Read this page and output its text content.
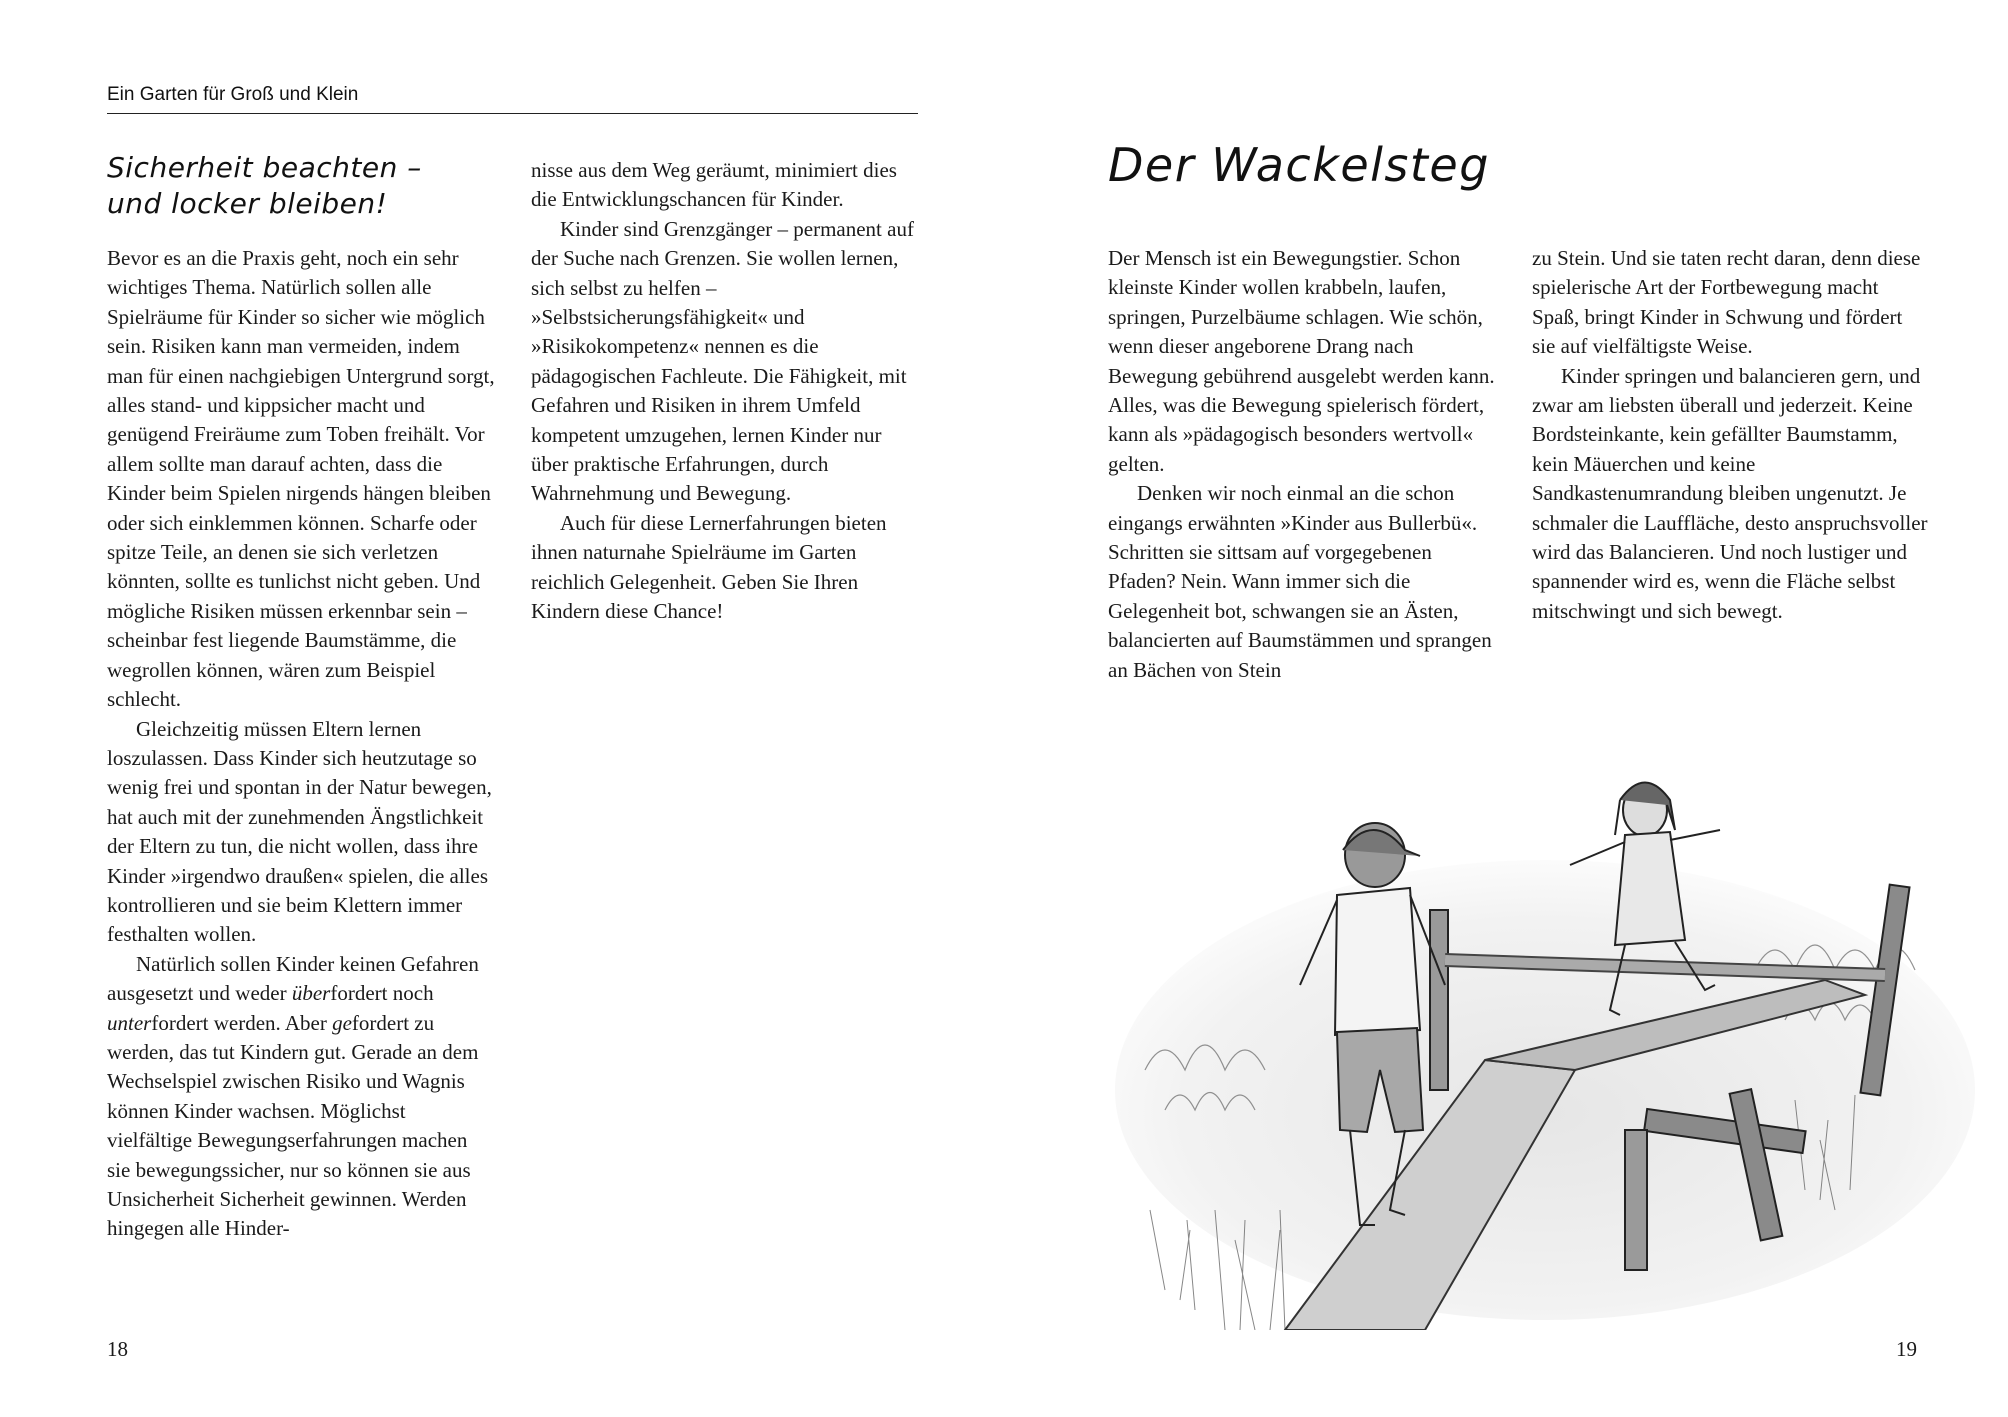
Ein Garten für Groß und Klein
Sicherheit beachten –
und locker bleiben!

Bevor es an die Praxis geht, noch ein sehr wichtiges Thema. Natürlich sollen alle Spielräume für Kinder so sicher wie möglich sein. Risiken kann man vermeiden, indem man für einen nachgiebigen Untergrund sorgt, alles stand- und kippsicher macht und genügend Freiräume zum Toben freihält. Vor allem sollte man darauf achten, dass die Kinder beim Spielen nirgends hängen bleiben oder sich einklemmen können. Scharfe oder spitze Teile, an denen sie sich verletzen könnten, sollte es tunlichst nicht geben. Und mögliche Risiken müssen erkennbar sein – scheinbar fest liegende Baumstämme, die wegrollen können, wären zum Beispiel schlecht.

Gleichzeitig müssen Eltern lernen loszulassen. Dass Kinder sich heutzutage so wenig frei und spontan in der Natur bewegen, hat auch mit der zunehmenden Ängstlichkeit der Eltern zu tun, die nicht wollen, dass ihre Kinder »irgendwo draußen« spielen, die alles kontrollieren und sie beim Klettern immer festhalten wollen.

Natürlich sollen Kinder keinen Gefahren ausgesetzt und weder überfordert noch unterfordert werden. Aber gefordert zu werden, das tut Kindern gut. Gerade an dem Wechselspiel zwischen Risiko und Wagnis können Kinder wachsen. Möglichst vielfältige Bewegungserfahrungen machen sie bewegungssicher, nur so können sie aus Unsicherheit Sicherheit gewinnen. Werden hingegen alle Hinder-

nisse aus dem Weg geräumt, minimiert dies die Entwicklungschancen für Kinder.

Kinder sind Grenzgänger – permanent auf der Suche nach Grenzen. Sie wollen lernen, sich selbst zu helfen – »Selbstsicherungsfähigkeit« und »Risikokompetenz« nennen es die pädagogischen Fachleute. Die Fähigkeit, mit Gefahren und Risiken in ihrem Umfeld kompetent umzugehen, lernen Kinder nur über praktische Erfahrungen, durch Wahrnehmung und Bewegung.

Auch für diese Lernerfahrungen bieten ihnen naturnahe Spielräume im Garten reichlich Gelegenheit. Geben Sie Ihren Kindern diese Chance!

18
Der Wackelsteg

Der Mensch ist ein Bewegungstier. Schon kleinste Kinder wollen krabbeln, laufen, springen, Purzelbäume schlagen. Wie schön, wenn dieser angeborene Drang nach Bewegung gebührend ausgelebt werden kann. Alles, was die Bewegung spielerisch fördert, kann als »pädagogisch besonders wertvoll« gelten.

Denken wir noch einmal an die schon eingangs erwähnten »Kinder aus Bullerbü«. Schritten sie sittsam auf vorgegebenen Pfaden? Nein. Wann immer sich die Gelegenheit bot, schwangen sie an Ästen, balancierten auf Baumstämmen und sprangen an Bächen von Stein

zu Stein. Und sie taten recht daran, denn diese spielerische Art der Fortbewegung macht Spaß, bringt Kinder in Schwung und fördert sie auf vielfältigste Weise.

Kinder springen und balancieren gern, und zwar am liebsten überall und jederzeit. Keine Bordsteinkante, kein gefällter Baumstamm, kein Mäuerchen und keine Sandkastenumrandung bleiben ungenutzt. Je schmaler die Lauffläche, desto anspruchsvoller wird das Balancieren. Und noch lustiger und spannender wird es, wenn die Fläche selbst mitschwingt und sich bewegt.

19
